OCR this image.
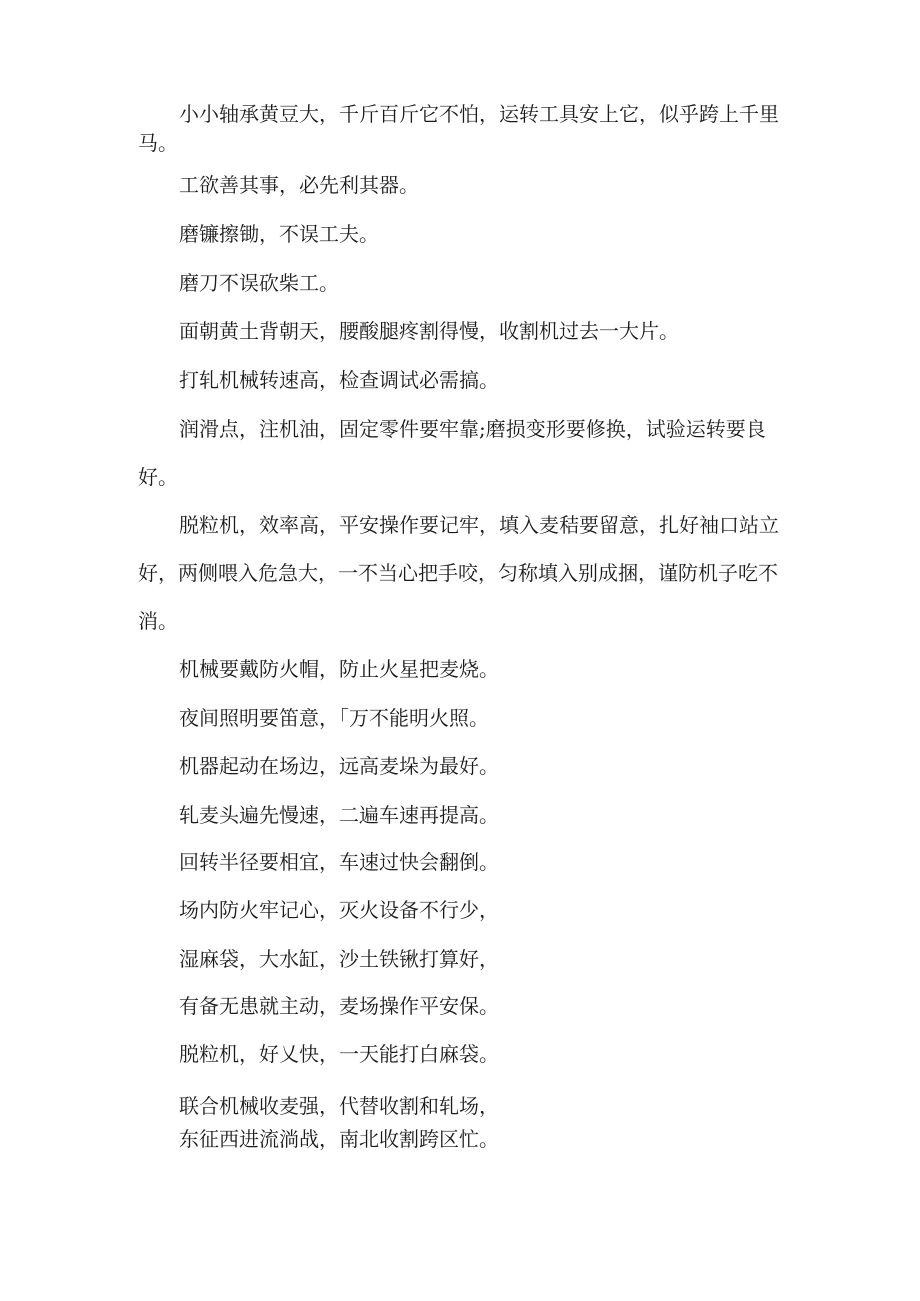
小小轴承黄豆大，千斤百斤它不怕，运转工具安上它，似乎跨上千里马。

工欲善其事，必先利其器。

磨镰擦锄，不误工夫。

磨刀不误砍柴工。

面朝黄土背朝天，腰酸腿疼割得慢，收割机过去一大片。

打轧机械转速高，检查调试必需搞。

润滑点，注机油，固定零件要牢靠;磨损变形要修换，试验运转要良好。

脱粒机，效率高，平安操作要记牢，填入麦秸要留意，扎好袖口站立好，两侧喂入危急大，一不当心把手咬，匀称填入别成捆，谨防机子吃不消。

机械要戴防火帽，防止火星把麦烧。

夜间照明要笛意，「万不能明火照。

机器起动在场边，远高麦垛为最好。

轧麦头遍先慢速，二遍车速再提高。

回转半径要相宜，车速过快会翻倒。

场内防火牢记心，灭火设备不行少，

湿麻袋，大水缸，沙土铁锹打算好，

有备无患就主动，麦场操作平安保。

脱粒机，好乂快，一天能打白麻袋。

联合机械收麦强，代替收割和轧场，

东征西进流淌战，南北收割跨区忙。
